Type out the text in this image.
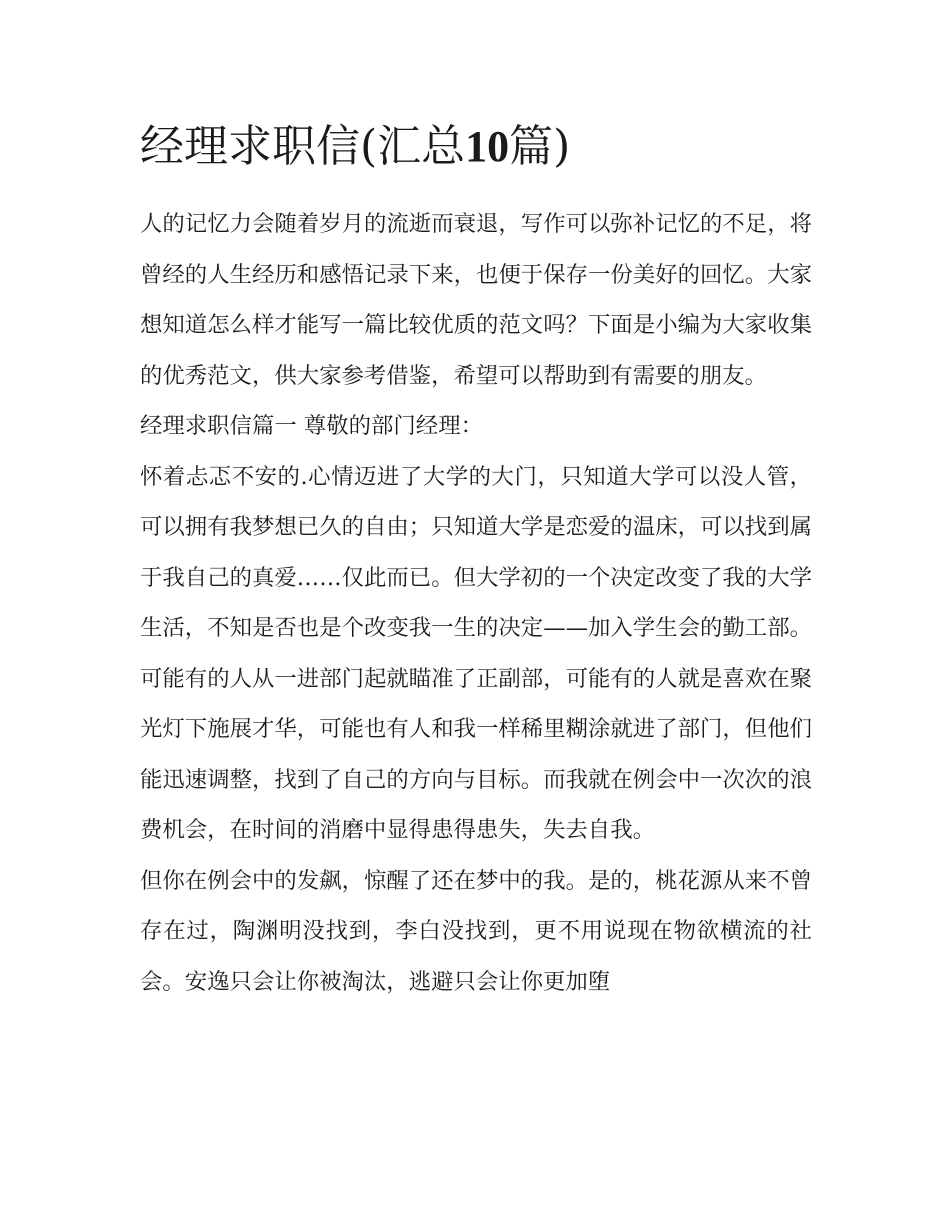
经理求职信(汇总10篇)

人的记忆力会随着岁月的流逝而衰退，写作可以弥补记忆的不足，将曾经的人生经历和感悟记录下来，也便于保存一份美好的回忆。大家想知道怎么样才能写一篇比较优质的范文吗？下面是小编为大家收集的优秀范文，供大家参考借鉴，希望可以帮助到有需要的朋友。

经理求职信篇一 尊敬的部门经理：

怀着忐忑不安的.心情迈进了大学的大门，只知道大学可以没人管，可以拥有我梦想已久的自由；只知道大学是恋爱的温床，可以找到属于我自己的真爱……仅此而已。但大学初的一个决定改变了我的大学生活，不知是否也是个改变我一生的决定——加入学生会的勤工部。可能有的人从一进部门起就瞄准了正副部，可能有的人就是喜欢在聚光灯下施展才华，可能也有人和我一样稀里糊涂就进了部门，但他们能迅速调整，找到了自己的方向与目标。而我就在例会中一次次的浪费机会，在时间的消磨中显得患得患失，失去自我。

但你在例会中的发飙，惊醒了还在梦中的我。是的，桃花源从来不曾存在过，陶渊明没找到，李白没找到，更不用说现在物欲横流的社会。安逸只会让你被淘汰，逃避只会让你更加堕
